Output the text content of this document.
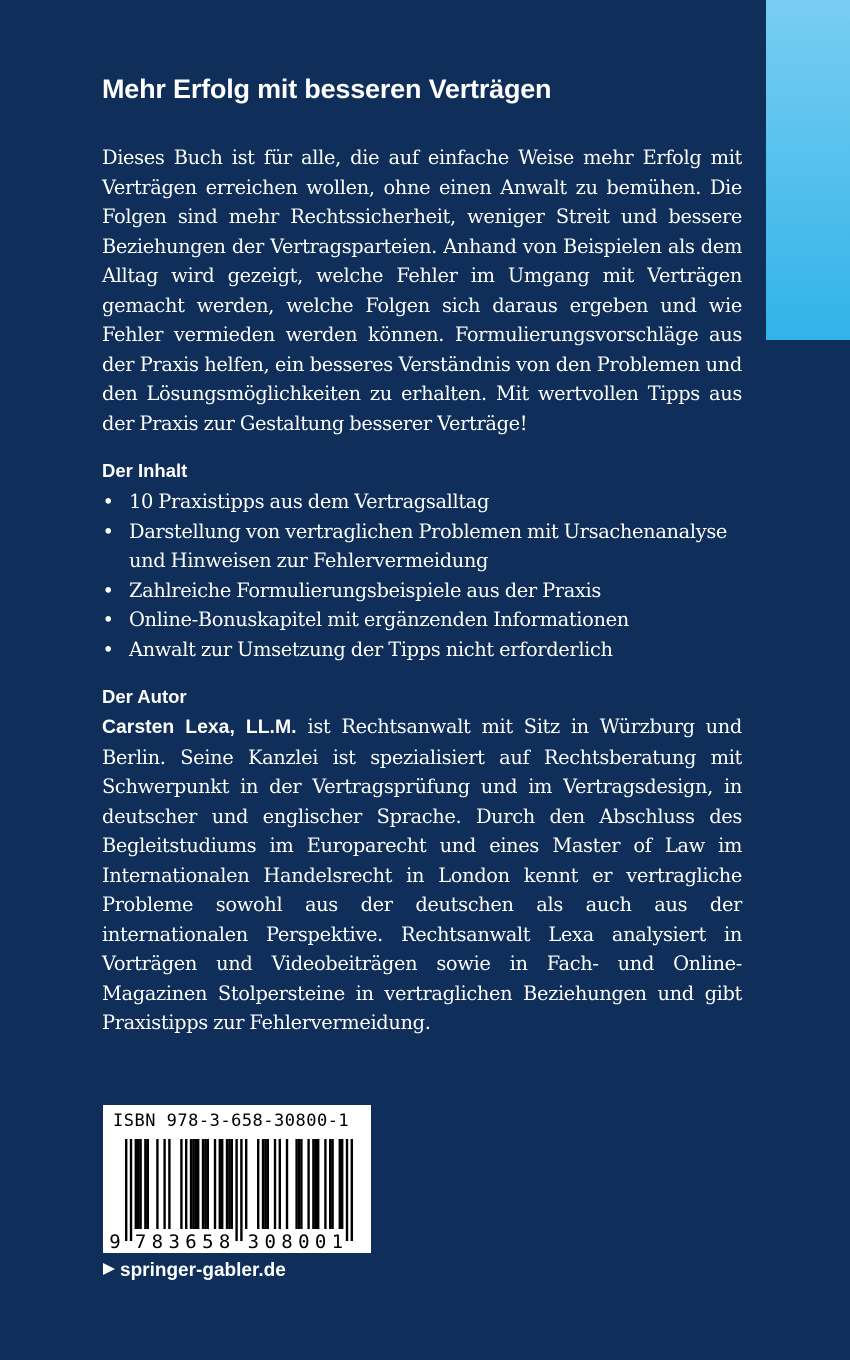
Mehr Erfolg mit besseren Verträgen

Dieses Buch ist für alle, die auf einfache Weise mehr Erfolg mit Verträgen erreichen wollen, ohne einen Anwalt zu bemühen. Die Folgen sind mehr Rechtssicherheit, weniger Streit und bessere Beziehungen der Vertragsparteien. Anhand von Beispielen als dem Alltag wird gezeigt, welche Fehler im Umgang mit Verträgen gemacht werden, welche Folgen sich daraus ergeben und wie Fehler vermieden werden können. Formulierungsvorschläge aus der Praxis helfen, ein besseres Verständnis von den Problemen und den Lösungsmöglichkeiten zu erhalten. Mit wertvollen Tipps aus der Praxis zur Gestaltung besserer Verträge!

Der Inhalt
• 10 Praxistipps aus dem Vertragsalltag
• Darstellung von vertraglichen Problemen mit Ursachenanalyse und Hinweisen zur Fehlervermeidung
• Zahlreiche Formulierungsbeispiele aus der Praxis
• Online-Bonuskapitel mit ergänzenden Informationen
• Anwalt zur Umsetzung der Tipps nicht erforderlich
Der Autor

Carsten Lexa, LL.M. ist Rechtsanwalt mit Sitz in Würzburg und Berlin. Seine Kanzlei ist spezialisiert auf Rechtsberatung mit Schwerpunkt in der Vertragsprüfung und im Vertragsdesign, in deutscher und englischer Sprache. Durch den Abschluss des Begleitstudiums im Europarecht und eines Master of Law im Internationalen Handelsrecht in London kennt er vertragliche Probleme sowohl aus der deutschen als auch aus der internationalen Perspektive. Rechtsanwalt Lexa analysiert in Vorträgen und Videobeiträgen sowie in Fach- und Online-Magazinen Stolpersteine in vertraglichen Beziehungen und gibt Praxistipps zur Fehlervermeidung.

ISBN 978-3-658-30800-1
9 7 8 3 6 5 8 3 0 8 0 0 1
springer-gabler.de
